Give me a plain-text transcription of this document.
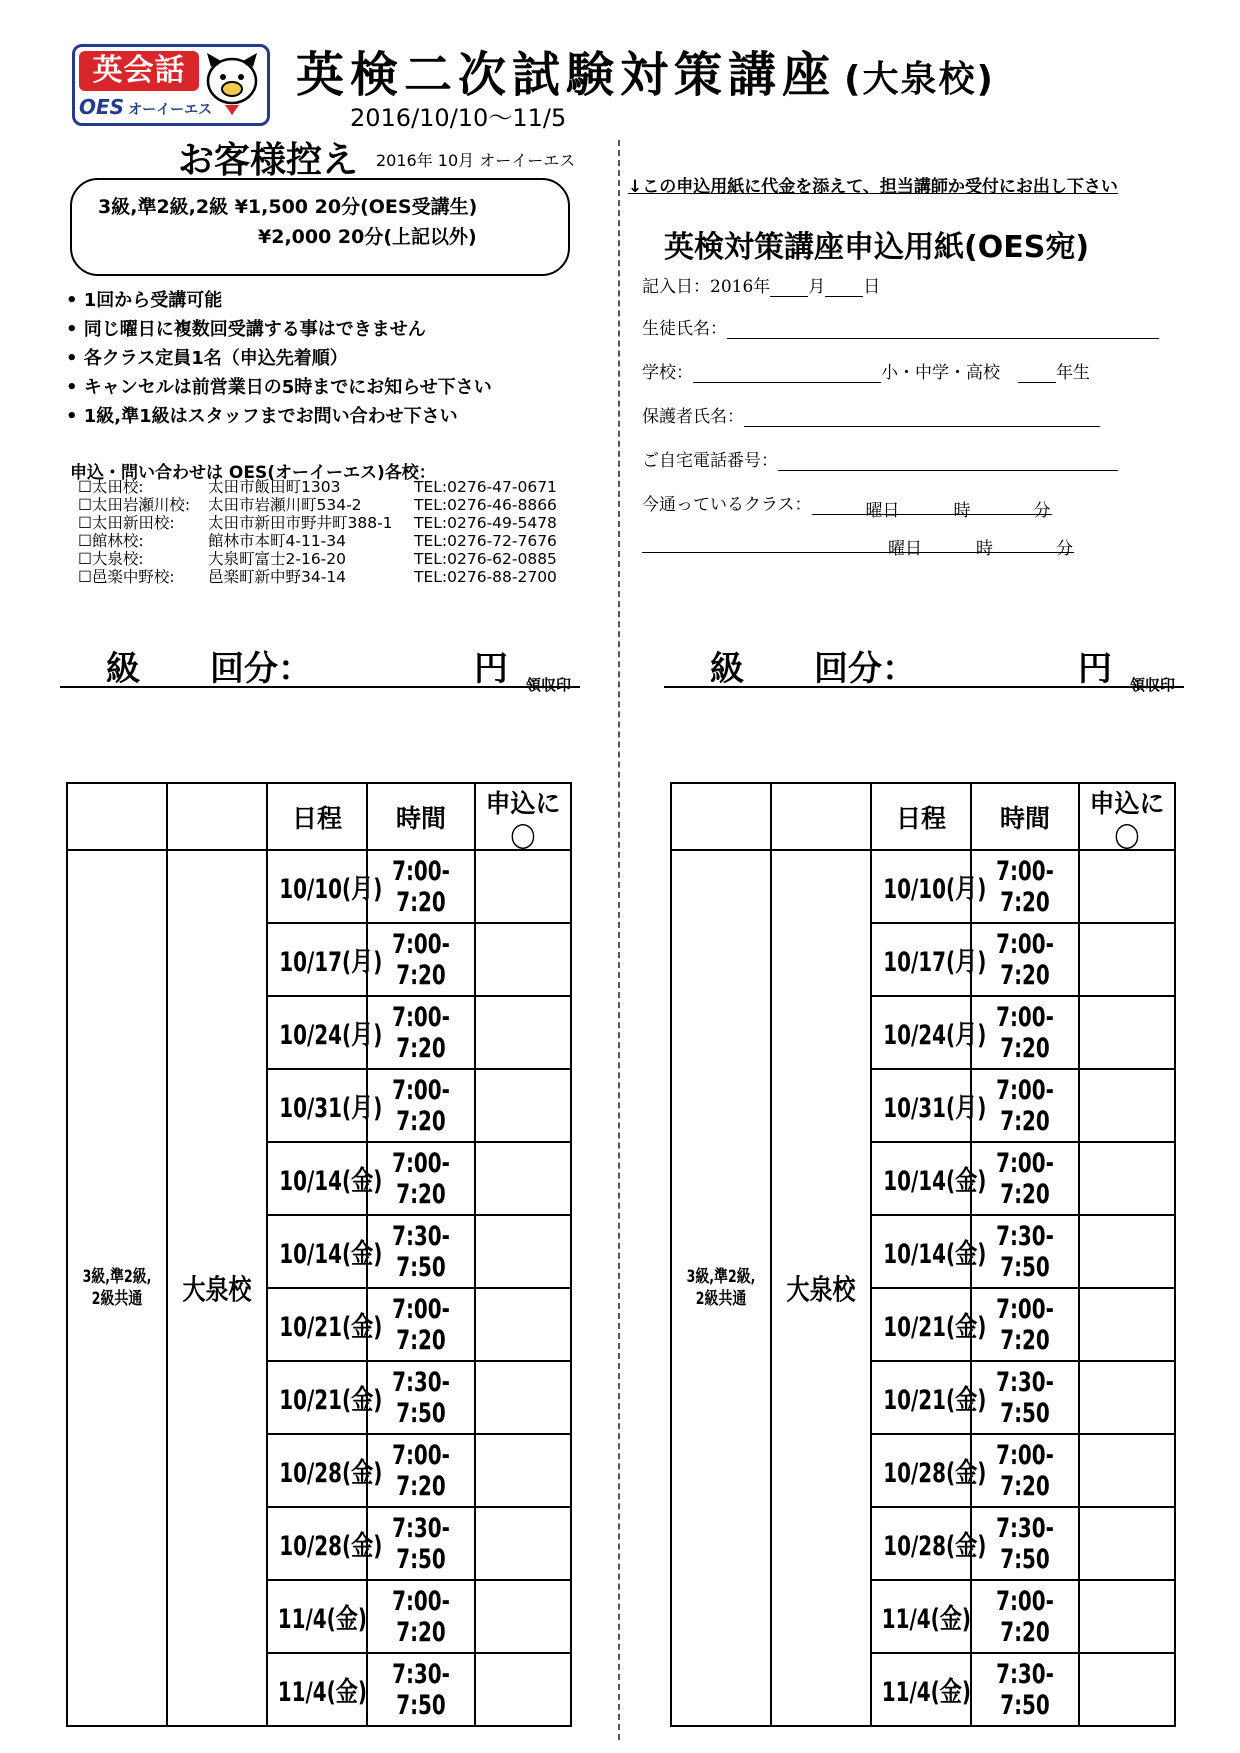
英会話
OES オーイーエス
英検二次試験対策講座 (大泉校)
2016/10/10〜11/5
お客様控え 2016年 10月 オーイーエス
3級,準2級,2級 ¥1,500 20分(OES受講生)
¥2,000 20分(上記以外)
• 1回から受講可能
• 同じ曜日に複数回受講する事はできません
• 各クラス定員1名（申込先着順）
• キャンセルは前営業日の5時までにお知らせ下さい
• 1級,準1級はスタッフまでお問い合わせ下さい
申込・問い合わせは OES(オーイーエス)各校：
☐太田校:	太田市飯田町1303	TEL:0276-47-0671
☐太田岩瀬川校: 太田市岩瀬川町534-2	TEL:0276-46-8866
☐太田新田校: 太田市新田市野井町388-1 TEL:0276-49-5478
☐館林校:	館林市本町4-11-34	TEL:0276-72-7676
☐大泉校:	大泉町富士2-16-20	TEL:0276-62-0885
☐邑楽中野校: 邑楽町新中野34-14	TEL:0276-88-2700
↓この申込用紙に代金を添えて、担当講師か受付にお出し下さい
英検対策講座申込用紙(OES宛)
記入日：2016年 月 日
生徒氏名：
学校：	小・中学・高校	年生
保護者氏名：
ご自宅電話番号：
今通っているクラス：	曜日	時	分
曜日	時	分
級 回分：	円 領収印	級 回分：	円 領収印
		日程	時間	申込に◯
3級,準2級,2級共通	大泉校	10/10(月)	7:00-7:20	
		10/17(月)	7:00-7:20	
		10/24(月)	7:00-7:20	
		10/31(月)	7:00-7:20	
		10/14(金)	7:00-7:20	
		10/14(金)	7:30-7:50	
		10/21(金)	7:00-7:20	
		10/21(金)	7:30-7:50	
		10/28(金)	7:00-7:20	
		10/28(金)	7:30-7:50	
		11/4(金)	7:00-7:20	
		11/4(金)	7:30-7:50	
		日程	時間	申込に◯
3級,準2級,2級共通	大泉校	10/10(月)	7:00-7:20	
		10/17(月)	7:00-7:20	
		10/24(月)	7:00-7:20	
		10/31(月)	7:00-7:20	
		10/14(金)	7:00-7:20	
		10/14(金)	7:30-7:50	
		10/21(金)	7:00-7:20	
		10/21(金)	7:30-7:50	
		10/28(金)	7:00-7:20	
		10/28(金)	7:30-7:50	
		11/4(金)	7:00-7:20	
		11/4(金)	7:30-7:50	
